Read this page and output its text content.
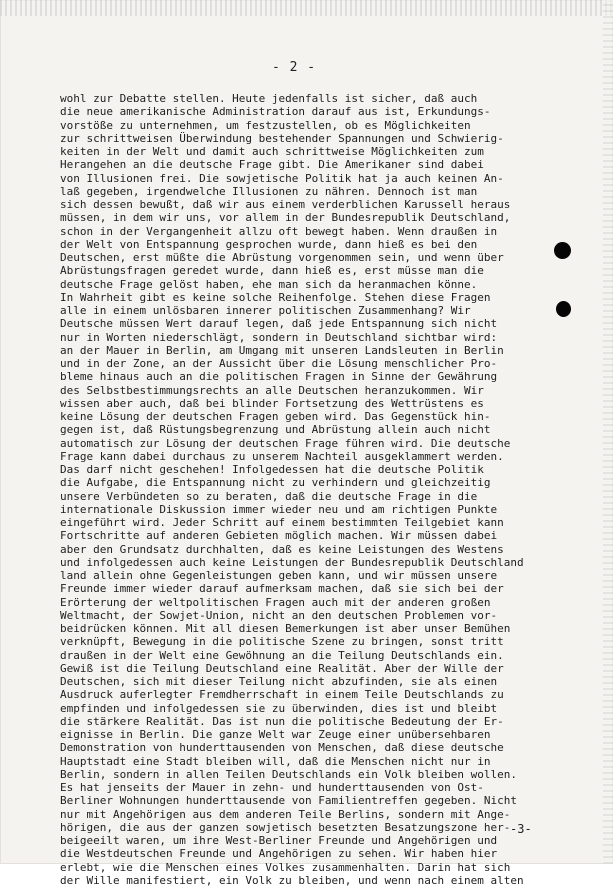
- 2 -
wohl zur Debatte stellen. Heute jedenfalls ist sicher, daß auch
die neue amerikanische Administration darauf aus ist, Erkundungs-
vorstöße zu unternehmen, um festzustellen, ob es Möglichkeiten
zur schrittweisen Überwindung bestehender Spannungen und Schwierig-
keiten in der Welt und damit auch schrittweise Möglichkeiten zum
Herangehen an die deutsche Frage gibt. Die Amerikaner sind dabei
von Illusionen frei. Die sowjetische Politik hat ja auch keinen An-
laß gegeben, irgendwelche Illusionen zu nähren. Dennoch ist man
sich dessen bewußt, daß wir aus einem verderblichen Karussell heraus
müssen, in dem wir uns, vor allem in der Bundesrepublik Deutschland,
schon in der Vergangenheit allzu oft bewegt haben. Wenn draußen in
der Welt von Entspannung gesprochen wurde, dann hieß es bei den
Deutschen, erst müßte die Abrüstung vorgenommen sein, und wenn über
Abrüstungsfragen geredet wurde, dann hieß es, erst müsse man die
deutsche Frage gelöst haben, ehe man sich da heranmachen könne.
In Wahrheit gibt es keine solche Reihenfolge. Stehen diese Fragen
alle in einem unlösbaren innerer politischen Zusammenhang? Wir
Deutsche müssen Wert darauf legen, daß jede Entspannung sich nicht
nur in Worten niederschlägt, sondern in Deutschland sichtbar wird:
an der Mauer in Berlin, am Umgang mit unseren Landsleuten in Berlin
und in der Zone, an der Aussicht über die Lösung menschlicher Pro-
bleme hinaus auch an die politischen Fragen in Sinne der Gewährung
des Selbstbestimmungsrechts an alle Deutschen heranzukommen. Wir
wissen aber auch, daß bei blinder Fortsetzung des Wettrüstens es
keine Lösung der deutschen Fragen geben wird. Das Gegenstück hin-
gegen ist, daß Rüstungsbegrenzung und Abrüstung allein auch nicht
automatisch zur Lösung der deutschen Frage führen wird. Die deutsche
Frage kann dabei durchaus zu unserem Nachteil ausgeklammert werden.
Das darf nicht geschehen! Infolgedessen hat die deutsche Politik
die Aufgabe, die Entspannung nicht zu verhindern und gleichzeitig
unsere Verbündeten so zu beraten, daß die deutsche Frage in die
internationale Diskussion immer wieder neu und am richtigen Punkte
eingeführt wird. Jeder Schritt auf einem bestimmten Teilgebiet kann
Fortschritte auf anderen Gebieten möglich machen. Wir müssen dabei
aber den Grundsatz durchhalten, daß es keine Leistungen des Westens
und infolgedessen auch keine Leistungen der Bundesrepublik Deutschland
land allein ohne Gegenleistungen geben kann, und wir müssen unsere
Freunde immer wieder darauf aufmerksam machen, daß sie sich bei der
Erörterung der weltpolitischen Fragen auch mit der anderen großen
Weltmacht, der Sowjet-Union, nicht an den deutschen Problemen vor-
beidrücken können. Mit all diesen Bemerkungen ist aber unser Bemühen
verknüpft, Bewegung in die politische Szene zu bringen, sonst tritt
draußen in der Welt eine Gewöhnung an die Teilung Deutschlands ein.
Gewiß ist die Teilung Deutschland eine Realität. Aber der Wille der
Deutschen, sich mit dieser Teilung nicht abzufinden, sie als einen
Ausdruck auferlegter Fremdherrschaft in einem Teile Deutschlands zu
empfinden und infolgedessen sie zu überwinden, dies ist und bleibt
die stärkere Realität. Das ist nun die politische Bedeutung der Er-
eignisse in Berlin. Die ganze Welt war Zeuge einer unübersehbaren
Demonstration von hunderttausenden von Menschen, daß diese deutsche
Hauptstadt eine Stadt bleiben will, daß die Menschen nicht nur in
Berlin, sondern in allen Teilen Deutschlands ein Volk bleiben wollen.
Es hat jenseits der Mauer in zehn- und hunderttausenden von Ost-
Berliner Wohnungen hunderttausende von Familientreffen gegeben. Nicht
nur mit Angehörigen aus dem anderen Teile Berlins, sondern mit Ange-
hörigen, die aus der ganzen sowjetisch besetzten Besatzungszone her-
beigeeilt waren, um ihre West-Berliner Freunde und Angehörigen und
die Westdeutschen Freunde und Angehörigen zu sehen. Wir haben hier
erlebt, wie die Menschen eines Volkes zusammenhalten. Darin hat sich
der Wille manifestiert, ein Volk zu bleiben, und wenn nach einem alten
-3-
